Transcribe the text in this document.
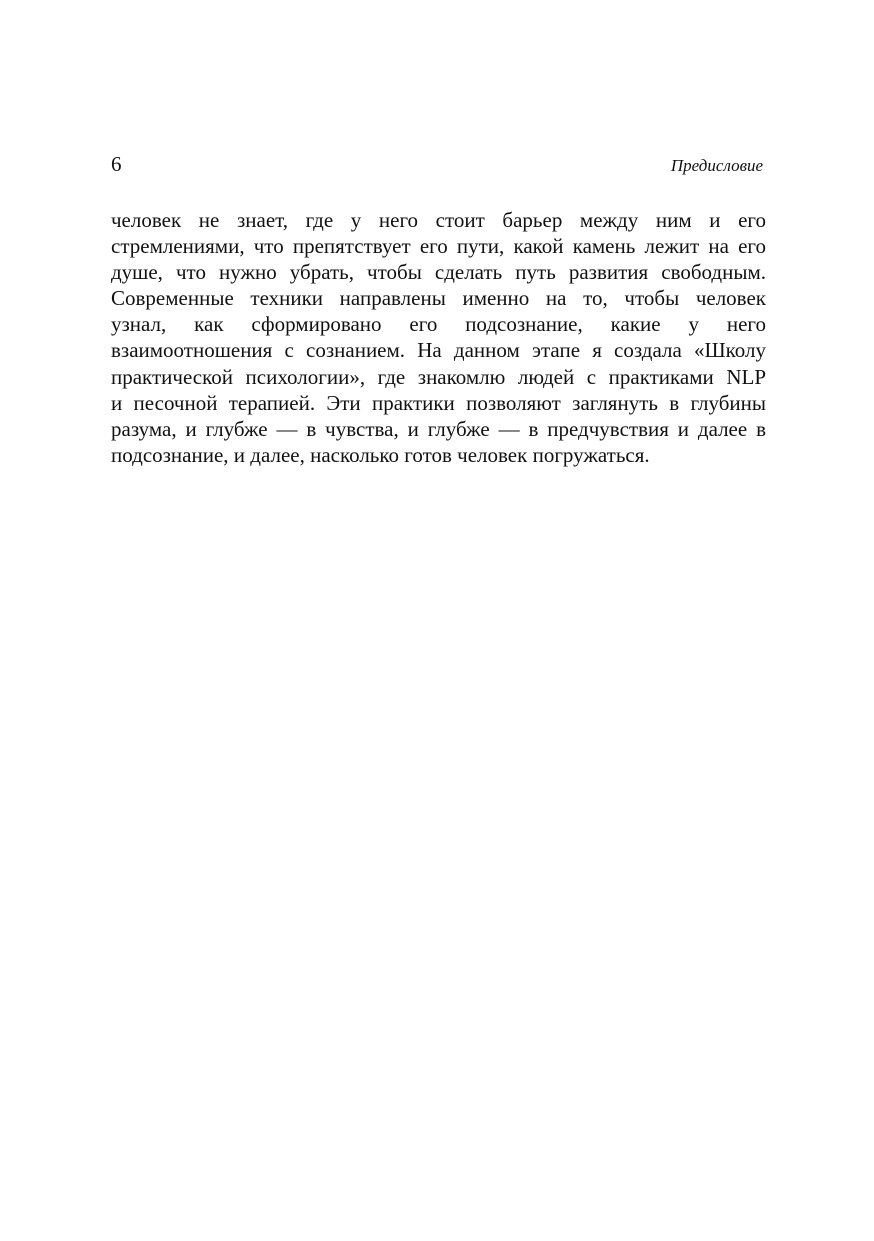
6	Предисловие
человек не знает, где у него стоит барьер между ним и его
стремлениями, что препятствует его пути, какой камень лежит на его
душе, что нужно убрать, чтобы сделать путь развития свободным.
Современные техники направлены именно на то, чтобы человек
узнал, как сформировано его подсознание, какие у него
взаимоотношения с сознанием. На данном этапе я создала «Школу
практической психологии», где знакомлю людей с практиками NLP
и песочной терапией. Эти практики позволяют заглянуть в глубины
разума, и глубже — в чувства, и глубже — в предчувствия и далее в
подсознание, и далее, насколько готов человек погружаться.
